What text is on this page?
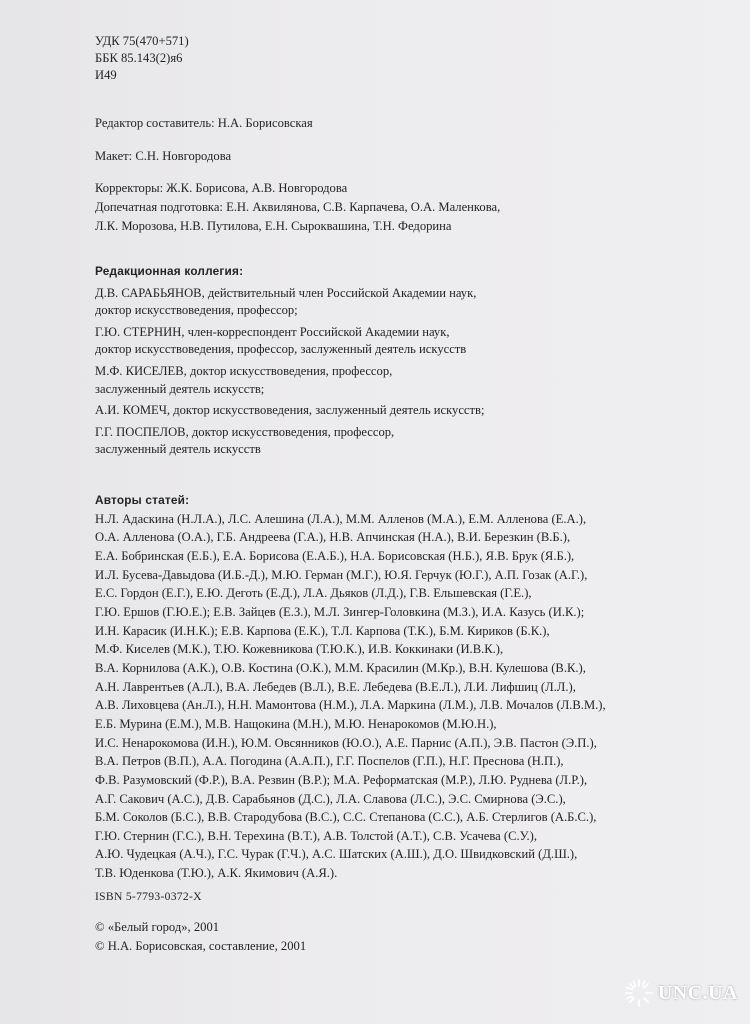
УДК 75(470+571)
ББК 85.143(2)я6
И49
Редактор составитель: Н.А. Борисовская
Макет: С.Н. Новгородова
Корректоры: Ж.К. Борисова, А.В. Новгородова
Допечатная подготовка: Е.Н. Аквилянова, С.В. Карпачева, О.А. Маленкова,
Л.К. Морозова, Н.В. Путилова, Е.Н. Сыроквашина, Т.Н. Федорина
Редакционная коллегия:
Д.В. САРАБЬЯНОВ, действительный член Российской Академии наук,
доктор искусствоведения, профессор;
Г.Ю. СТЕРНИН, член-корреспондент Российской Академии наук,
доктор искусствоведения, профессор, заслуженный деятель искусств
М.Ф. КИСЕЛЕВ, доктор искусствоведения, профессор,
заслуженный деятель искусств;
А.И. КОМЕЧ, доктор искусствоведения, заслуженный деятель искусств;
Г.Г. ПОСПЕЛОВ, доктор искусствоведения, профессор,
заслуженный деятель искусств
Авторы статей:
Н.Л. Адаскина (Н.Л.А.), Л.С. Алешина (Л.А.), М.М. Алленов (М.А.), Е.М. Алленова (Е.А.),
О.А. Алленова (О.А.), Г.Б. Андреева (Г.А.), Н.В. Апчинская (Н.А.), В.И. Березкин (В.Б.),
Е.А. Бобринская (Е.Б.), Е.А. Борисова (Е.А.Б.), Н.А. Борисовская (Н.Б.), Я.В. Брук (Я.Б.),
И.Л. Бусева-Давыдова (И.Б.-Д.), М.Ю. Герман (М.Г.), Ю.Я. Герчук (Ю.Г.), А.П. Гозак (А.Г.),
Е.С. Гордон (Е.Г.), Е.Ю. Деготь (Е.Д.), Л.А. Дьяков (Л.Д.), Г.В. Ельшевская (Г.Е.),
Г.Ю. Ершов (Г.Ю.Е.); Е.В. Зайцев (Е.З.), М.Л. Зингер-Головкина (М.З.), И.А. Казусь (И.К.);
И.Н. Карасик (И.Н.К.); Е.В. Карпова (Е.К.), Т.Л. Карпова (Т.К.), Б.М. Кириков (Б.К.),
М.Ф. Киселев (М.К.), Т.Ю. Кожевникова (Т.Ю.К.), И.В. Коккинаки (И.В.К.),
В.А. Корнилова (А.К.), О.В. Костина (О.К.), М.М. Красилин (М.Кр.), В.Н. Кулешова (В.К.),
А.Н. Лаврентьев (А.Л.), В.А. Лебедев (В.Л.), В.Е. Лебедева (В.Е.Л.), Л.И. Лифшиц (Л.Л.),
А.В. Лиховцева (Ан.Л.), Н.Н. Мамонтова (Н.М.), Л.А. Маркина (Л.М.), Л.В. Мочалов (Л.В.М.),
Е.Б. Мурина (Е.М.), М.В. Нащокина (М.Н.), М.Ю. Ненарокомов (М.Ю.Н.),
И.С. Ненарокомова (И.Н.), Ю.М. Овсянников (Ю.О.), А.Е. Парнис (А.П.), Э.В. Пастон (Э.П.),
В.А. Петров (В.П.), А.А. Погодина (А.А.П.), Г.Г. Поспелов (Г.П.), Н.Г. Преснова (Н.П.),
Ф.В. Разумовский (Ф.Р.), В.А. Резвин (В.Р.); М.А. Реформатская (М.Р.), Л.Ю. Руднева (Л.Р.),
А.Г. Сакович (А.С.), Д.В. Сарабьянов (Д.С.), Л.А. Славова (Л.С.), Э.С. Смирнова (Э.С.),
Б.М. Соколов (Б.С.), В.В. Стародубова (В.С.), С.С. Степанова (С.С.), А.Б. Стерлигов (А.Б.С.),
Г.Ю. Стернин (Г.С.), В.Н. Терехина (В.Т.), А.В. Толстой (А.Т.), С.В. Усачева (С.У.),
А.Ю. Чудецкая (А.Ч.), Г.С. Чурак (Г.Ч.), А.С. Шатских (А.Ш.), Д.О. Швидковский (Д.Ш.),
Т.В. Юденкова (Т.Ю.), А.К. Якимович (А.Я.).
ISBN 5-7793-0372-X
© «Белый город», 2001
© Н.А. Борисовская, составление, 2001
UNC.UA
